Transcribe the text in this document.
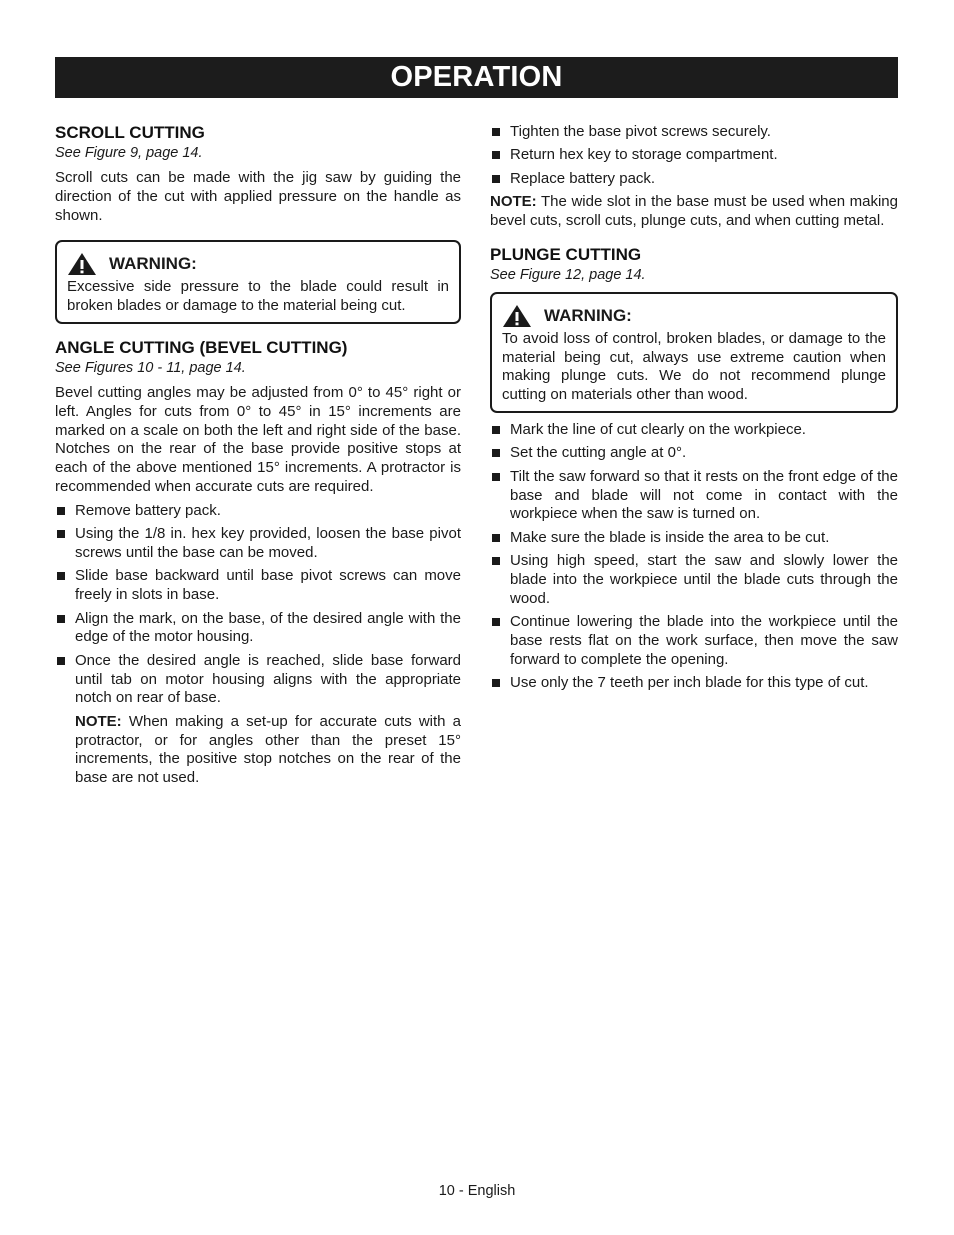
OPERATION
SCROLL CUTTING

See Figure 9, page 14.

Scroll cuts can be made with the jig saw by guiding the direction of the cut with applied pressure on the handle as shown.

WARNING:

Excessive side pressure to the blade could result in broken blades or damage to the material being cut.

ANGLE CUTTING (BEVEL CUTTING)

See Figures 10 - 11, page 14.

Bevel cutting angles may be adjusted from 0° to 45° right or left. Angles for cuts from 0° to 45° in 15° increments are marked on a scale on both the left and right side of the base. Notches on the rear of the base provide positive stops at each of the above mentioned 15° increments. A protractor is recommended when accurate cuts are required.

Remove battery pack.
Using the 1/8 in. hex key provided, loosen the base pivot screws until the base can be moved.
Slide base backward until base pivot screws can move freely in slots in base.
Align the mark, on the base, of the desired angle with the edge of the motor housing.
Once the desired angle is reached, slide base forward until tab on motor housing aligns with the appropriate notch on rear of base.

NOTE: When making a set-up for accurate cuts with a protractor, or for angles other than the preset 15° increments, the positive stop notches on the rear of the base are not used.

Tighten the base pivot screws securely.
Return hex key to storage compartment.
Replace battery pack.

NOTE: The wide slot in the base must be used when making bevel cuts, scroll cuts, plunge cuts, and when cutting metal.

PLUNGE CUTTING

See Figure 12, page 14.

WARNING:

To avoid loss of control, broken blades, or damage to the material being cut, always use extreme caution when making plunge cuts. We do not recommend plunge cutting on materials other than wood.

Mark the line of cut clearly on the workpiece.
Set the cutting angle at 0°.
Tilt the saw forward so that it rests on the front edge of the base and blade will not come in contact with the workpiece when the saw is turned on.
Make sure the blade is inside the area to be cut.
Using high speed, start the saw and slowly lower the blade into the workpiece until the blade cuts through the wood.
Continue lowering the blade into the workpiece until the base rests flat on the work surface, then move the saw forward to complete the opening.
Use only the 7 teeth per inch blade for this type of cut.
10 - English
